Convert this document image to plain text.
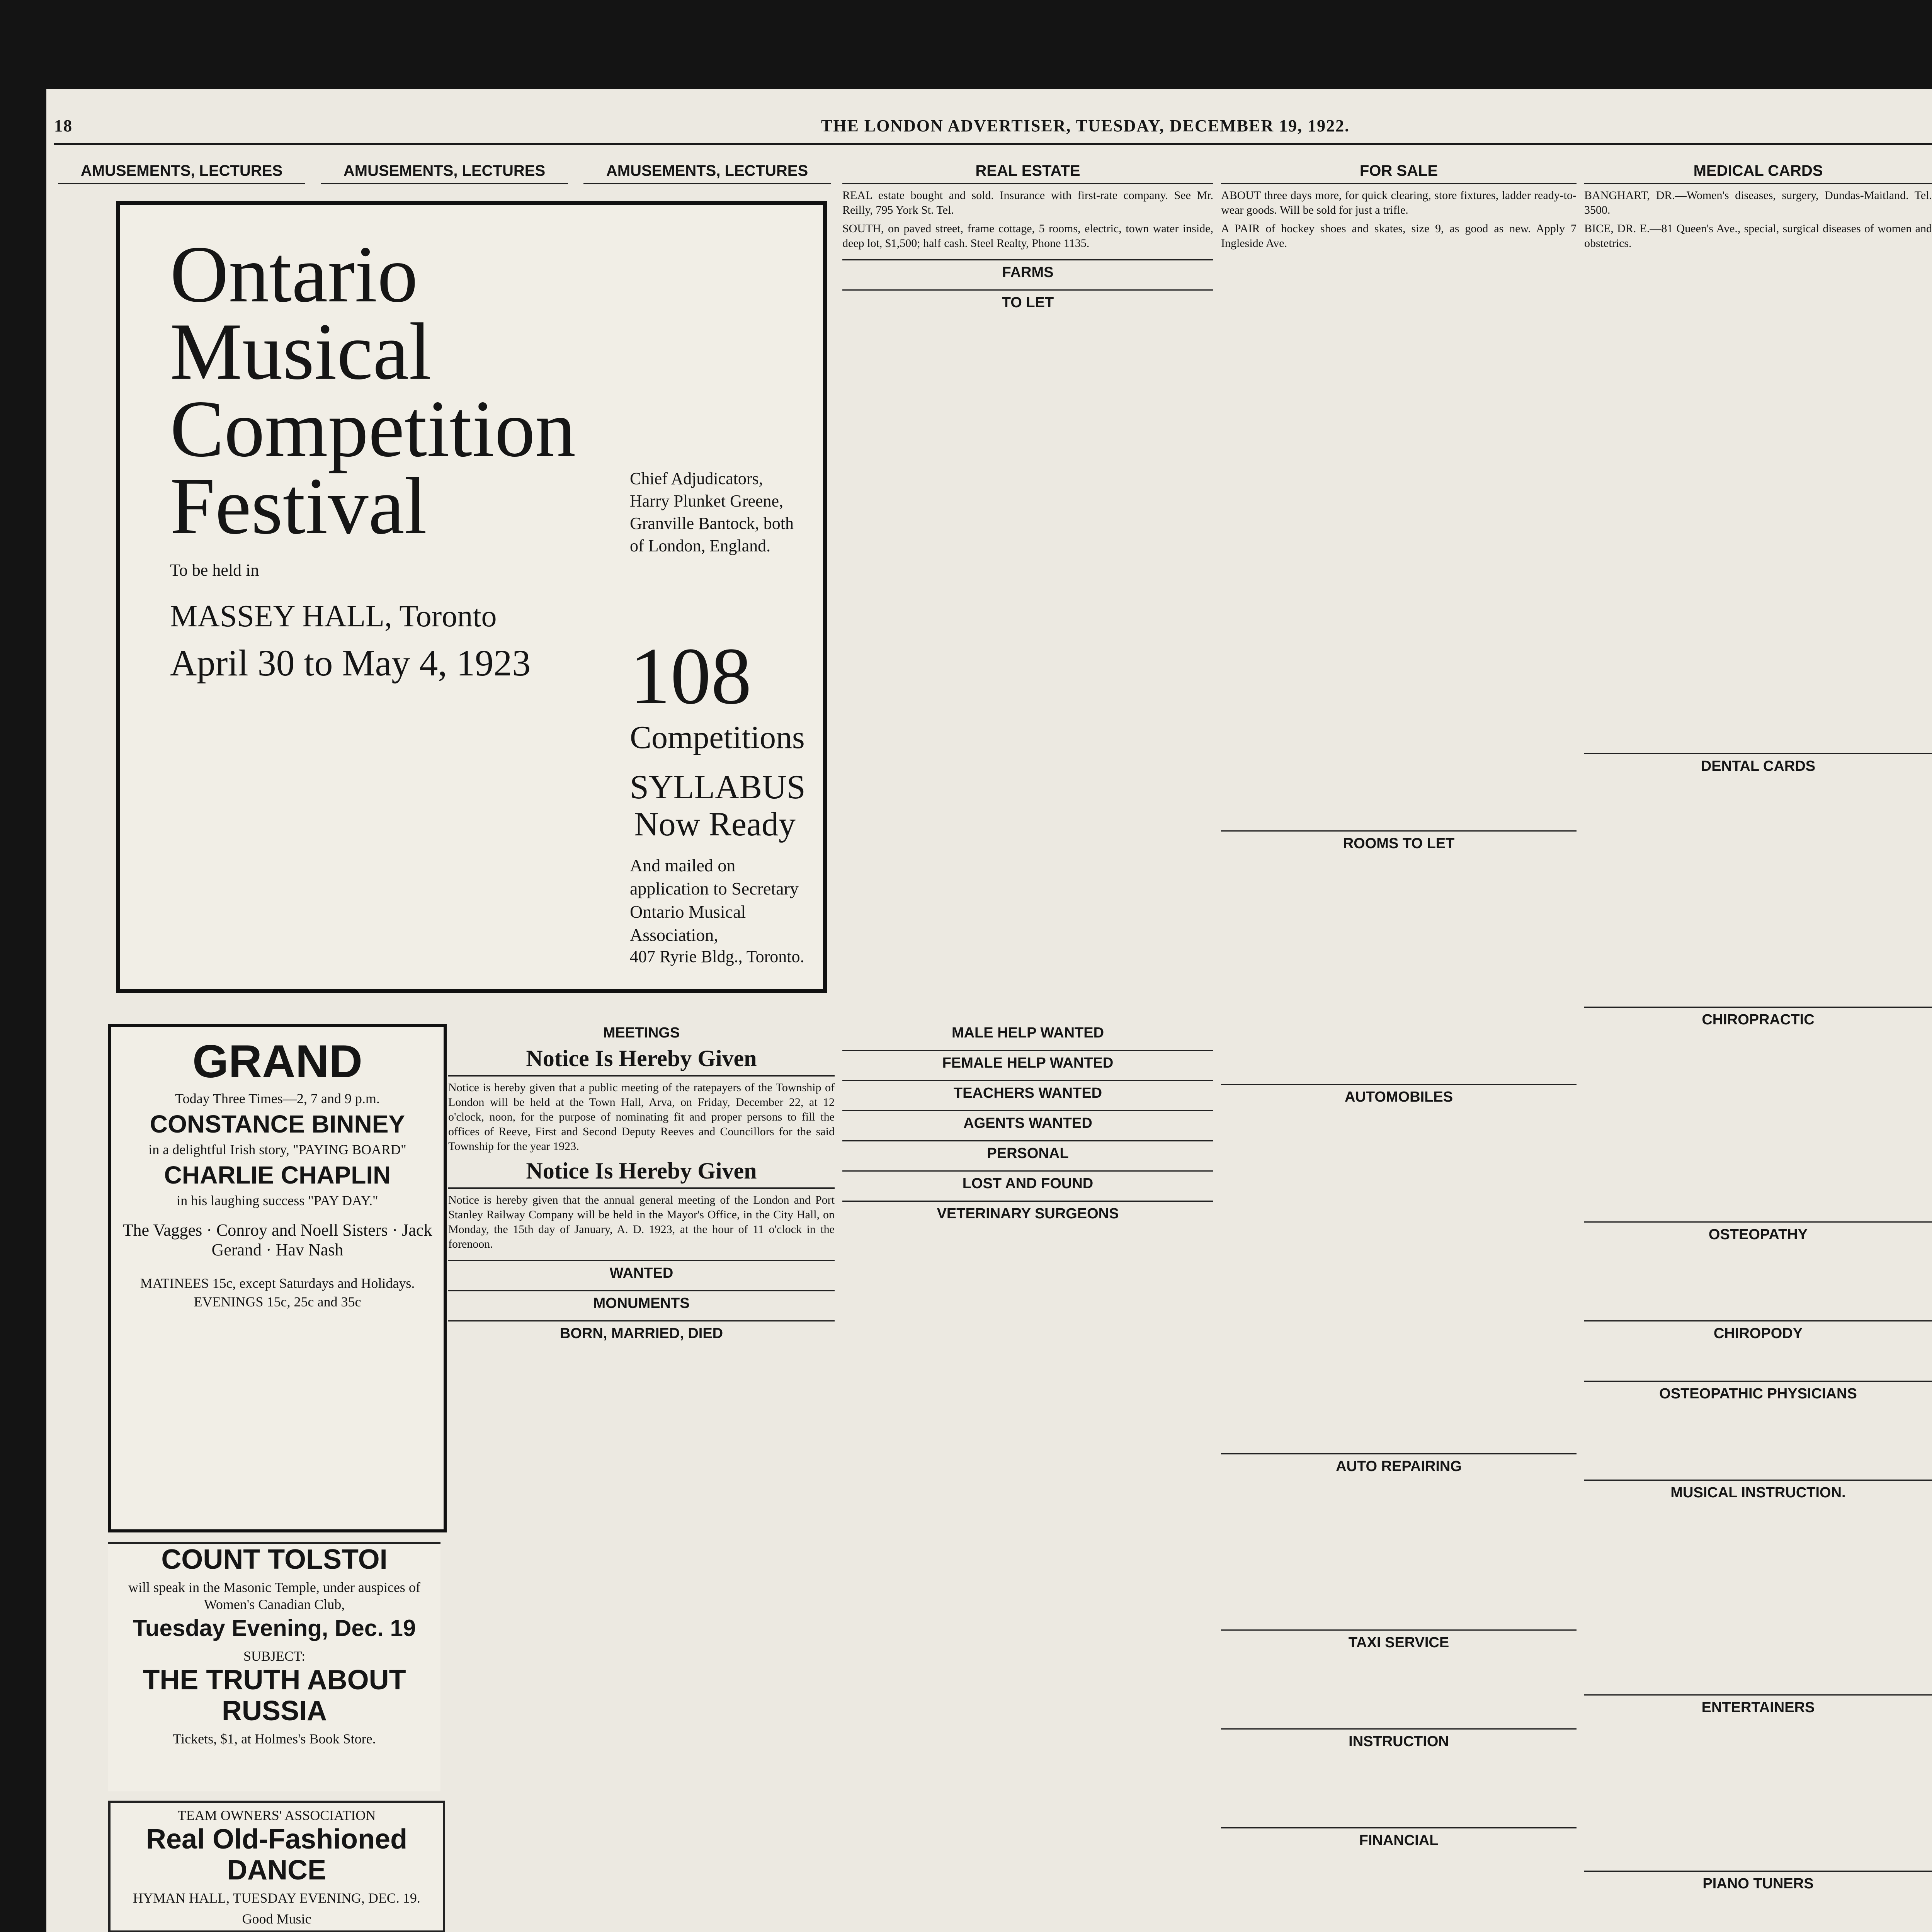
18	THE LONDON ADVERTISER, TUESDAY, DECEMBER 19, 1922.
AMUSEMENTS, LECTURES	AMUSEMENTS, LECTURES	AMUSEMENTS, LECTURES
Ontario Musical Competition Festival
To be held in
MASSEY HALL, Toronto
April 30 to May 4, 1923
Chief Adjudicators, Harry Plunket Greene, Granville Bantock, both of London, England.
108
Competitions
SYLLABUS Now Ready
And mailed on application to Secretary Ontario Musical Association,
407 Ryrie Bldg., Toronto.
GRAND
Today Three Times—2, 7 and 9 p.m.
CONSTANCE BINNEY
in a delightful Irish story, "PAYING BOARD"
CHARLIE CHAPLIN
in his laughing success "PAY DAY."
The Vagges · Conroy and Noell Sisters · Jack Gerand · Hav Nash
MATINEES 15c, except Saturdays and Holidays.
EVENINGS 15c, 25c and 35c
COUNT TOLSTOI
will speak in the Masonic Temple, under auspices of Women's Canadian Club,
Tuesday Evening, Dec. 19
SUBJECT:
THE TRUTH ABOUT RUSSIA
Tickets, $1, at Holmes's Book Store.
TEAM OWNERS' ASSOCIATION
Real Old-Fashioned DANCE
HYMAN HALL, TUESDAY EVENING, DEC. 19.
Good Music

MEETINGS
Notice Is Hereby Given

Notice is hereby given that a public meeting of the ratepayers of the Township of London will be held at the Town Hall, Arva, on Friday, December 22, at 12 o'clock, noon, for the purpose of nominating fit and proper persons to fill the offices of Reeve, First and Second Deputy Reeves and Councillors for the said Township for the year 1923.

Notice Is Hereby Given

Notice is hereby given that the annual general meeting of the London and Port Stanley Railway Company will be held in the Mayor's Office, in the City Hall, on Monday, the 15th day of January, A. D. 1923, at the hour of 11 o'clock in the forenoon.

WANTED
MONUMENTS
BORN, MARRIED, DIED
MALE HELP WANTED
FEMALE HELP WANTED
TEACHERS WANTED
AGENTS WANTED
PERSONAL
LOST AND FOUND
VETERINARY SURGEONS
REAL ESTATE

REAL estate bought and sold. Insurance with first-rate company. See Mr. Reilly, 795 York St. Tel.

SOUTH, on paved street, frame cottage, 5 rooms, electric, town water inside, deep lot, $1,500; half cash. Steel Realty, Phone 1135.

FARMS
TO LET
FOR SALE

ABOUT three days more, for quick clearing, store fixtures, ladder ready-to-wear goods. Will be sold for just a trifle.

A PAIR of hockey shoes and skates, size 9, as good as new. Apply 7 Ingleside Ave.

ROOMS TO LET
AUTOMOBILES
AUTO REPAIRING
TAXI SERVICE
INSTRUCTION
FINANCIAL
MEDICAL CARDS

BANGHART, DR.—Women's diseases, surgery, Dundas-Maitland. Tel. 3500.

BICE, DR. E.—81 Queen's Ave., special, surgical diseases of women and obstetrics.

DENTAL CARDS
CHIROPRACTIC
OSTEOPATHY
CHIROPODY
OSTEOPATHIC PHYSICIANS
MUSICAL INSTRUCTION.
ENTERTAINERS
PIANO TUNERS
